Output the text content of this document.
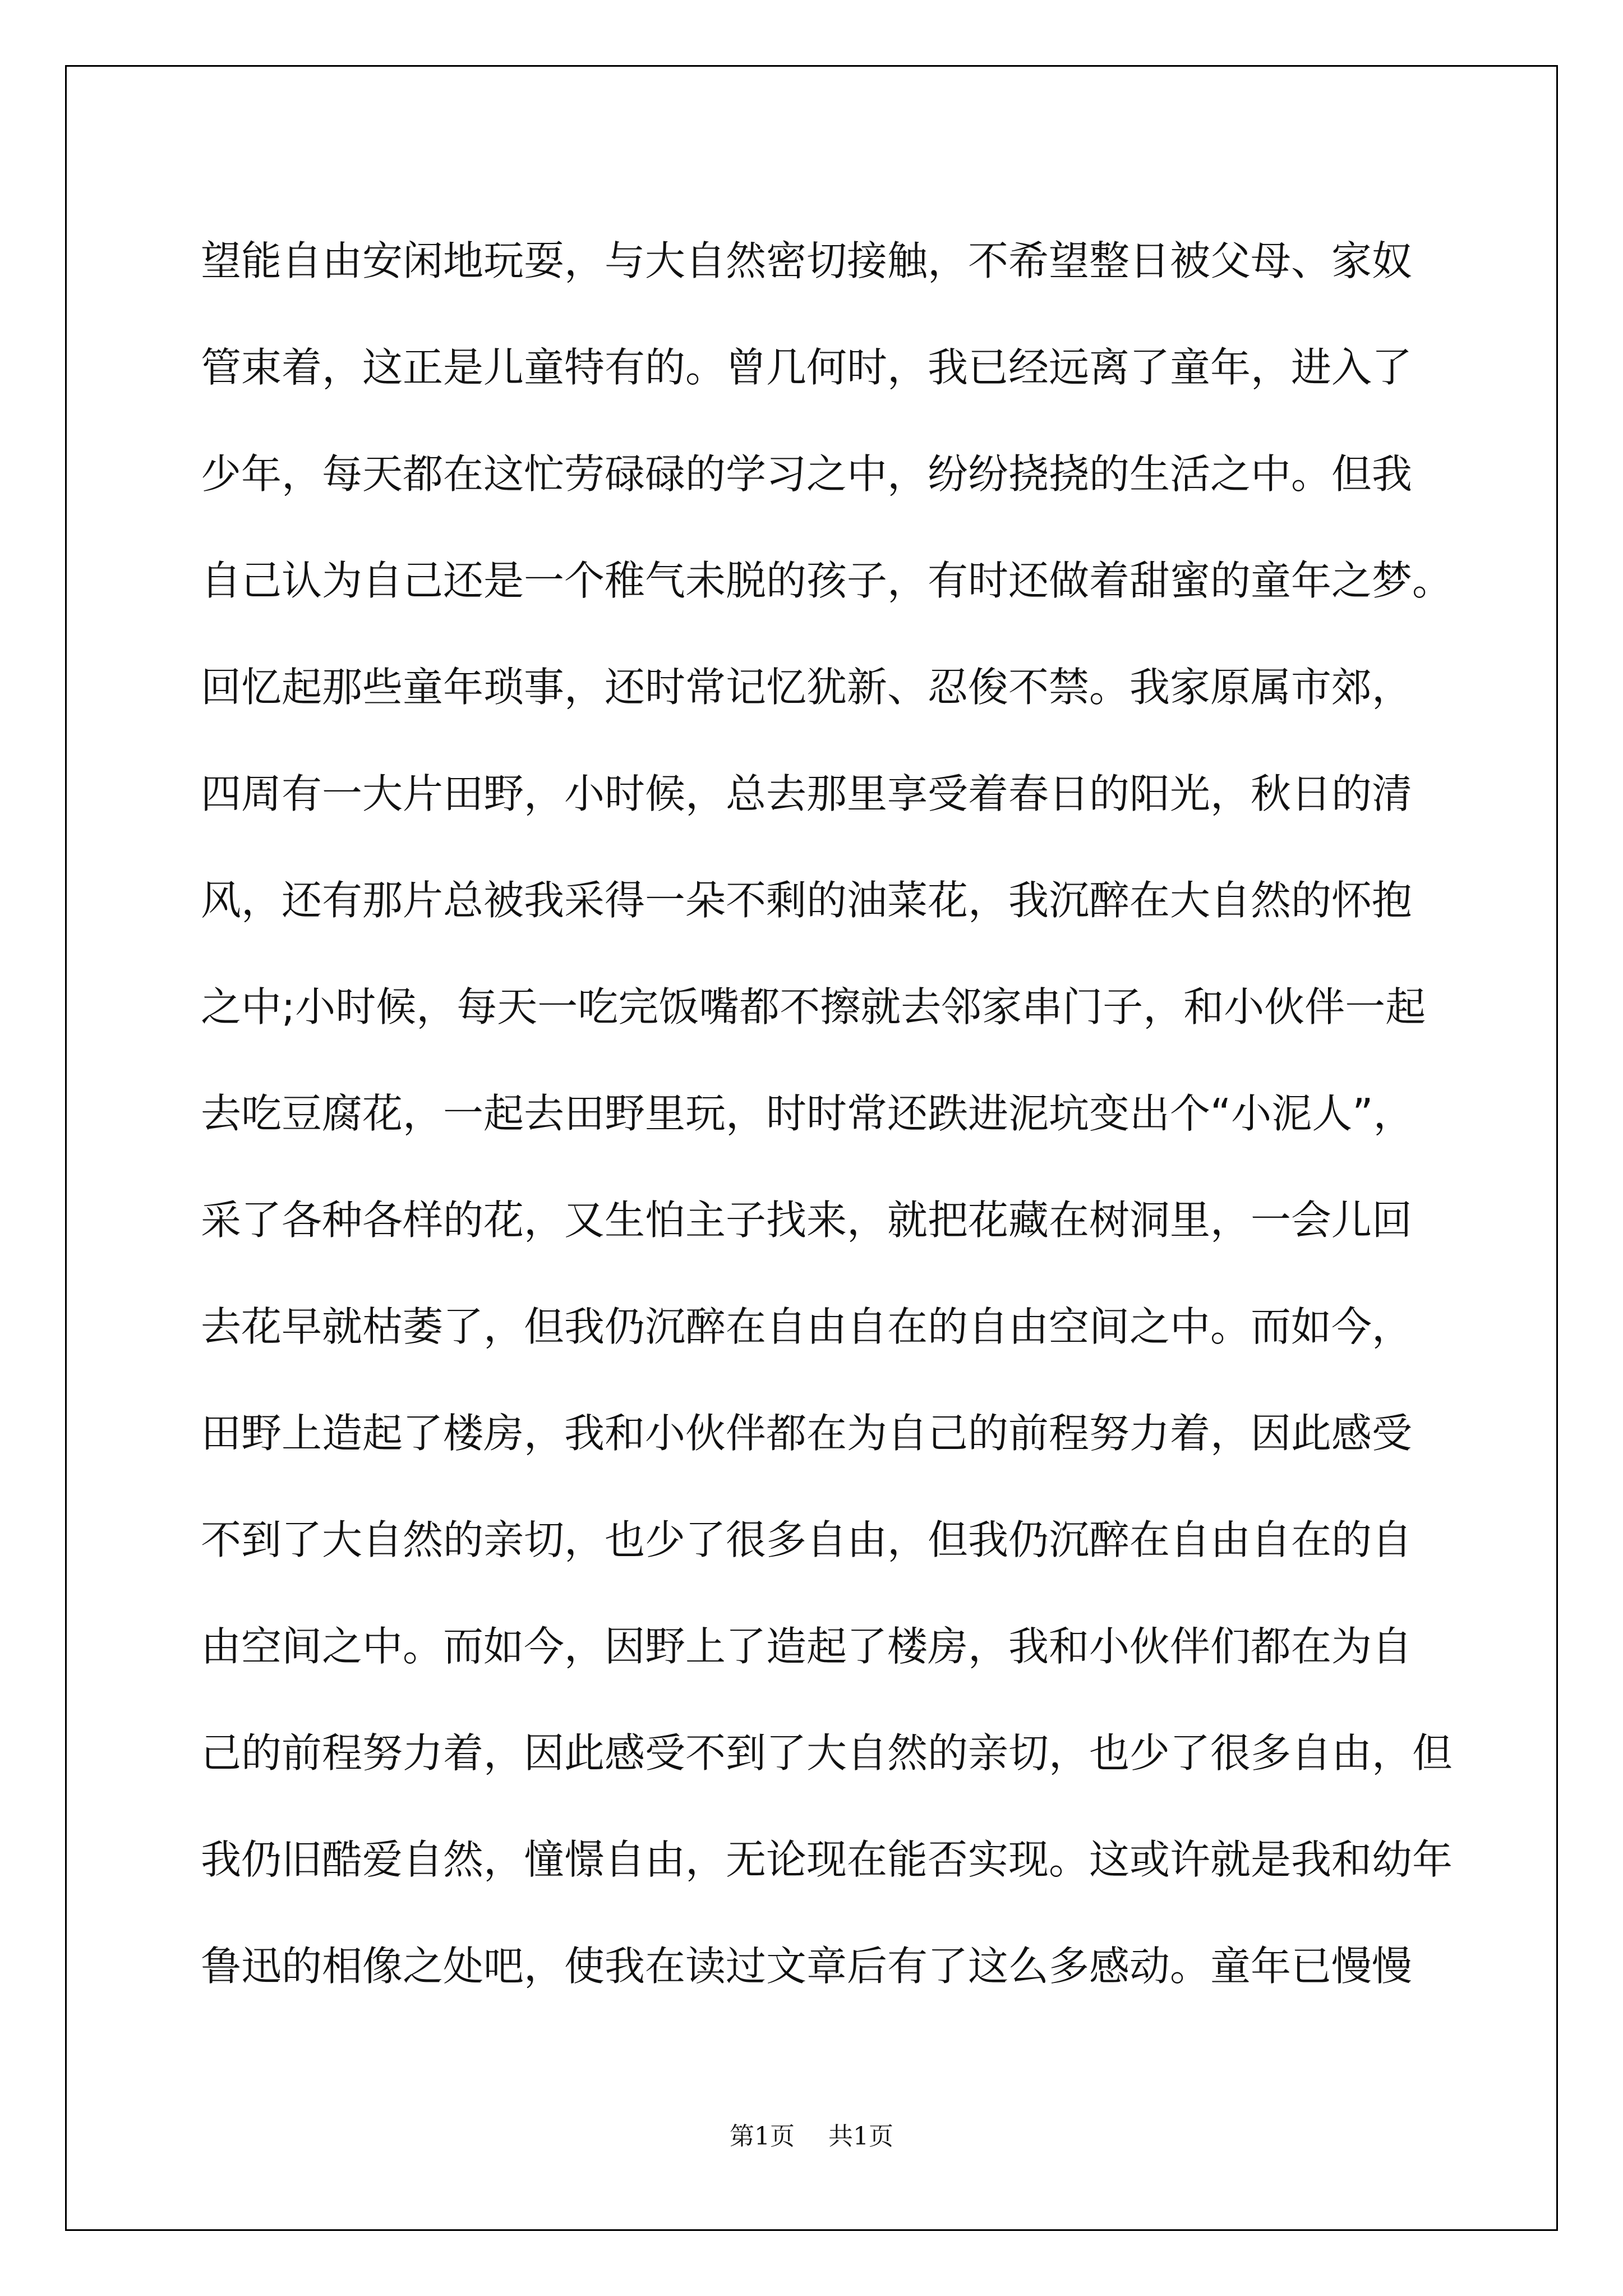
望能自由安闲地玩耍，与大自然密切接触，不希望整日被父母、家奴
管束着，这正是儿童特有的。曾几何时，我已经远离了童年，进入了
少年，每天都在这忙劳碌碌的学习之中，纷纷挠挠的生活之中。但我
自己认为自己还是一个稚气未脱的孩子，有时还做着甜蜜的童年之梦。
回忆起那些童年琐事，还时常记忆犹新、忍俊不禁。我家原属市郊，
四周有一大片田野，小时候，总去那里享受着春日的阳光，秋日的清
风，还有那片总被我采得一朵不剩的油菜花，我沉醉在大自然的怀抱
之中;小时候，每天一吃完饭嘴都不擦就去邻家串门子，和小伙伴一起
去吃豆腐花，一起去田野里玩，时时常还跌进泥坑变出个“小泥人”，
采了各种各样的花，又生怕主子找来，就把花藏在树洞里，一会儿回
去花早就枯萎了，但我仍沉醉在自由自在的自由空间之中。而如今，
田野上造起了楼房，我和小伙伴都在为自己的前程努力着，因此感受
不到了大自然的亲切，也少了很多自由，但我仍沉醉在自由自在的自
由空间之中。而如今，因野上了造起了楼房，我和小伙伴们都在为自
己的前程努力着，因此感受不到了大自然的亲切，也少了很多自由，但
我仍旧酷爱自然，憧憬自由，无论现在能否实现。这或许就是我和幼年
鲁迅的相像之处吧，使我在读过文章后有了这么多感动。童年已慢慢
第1页 共1页
